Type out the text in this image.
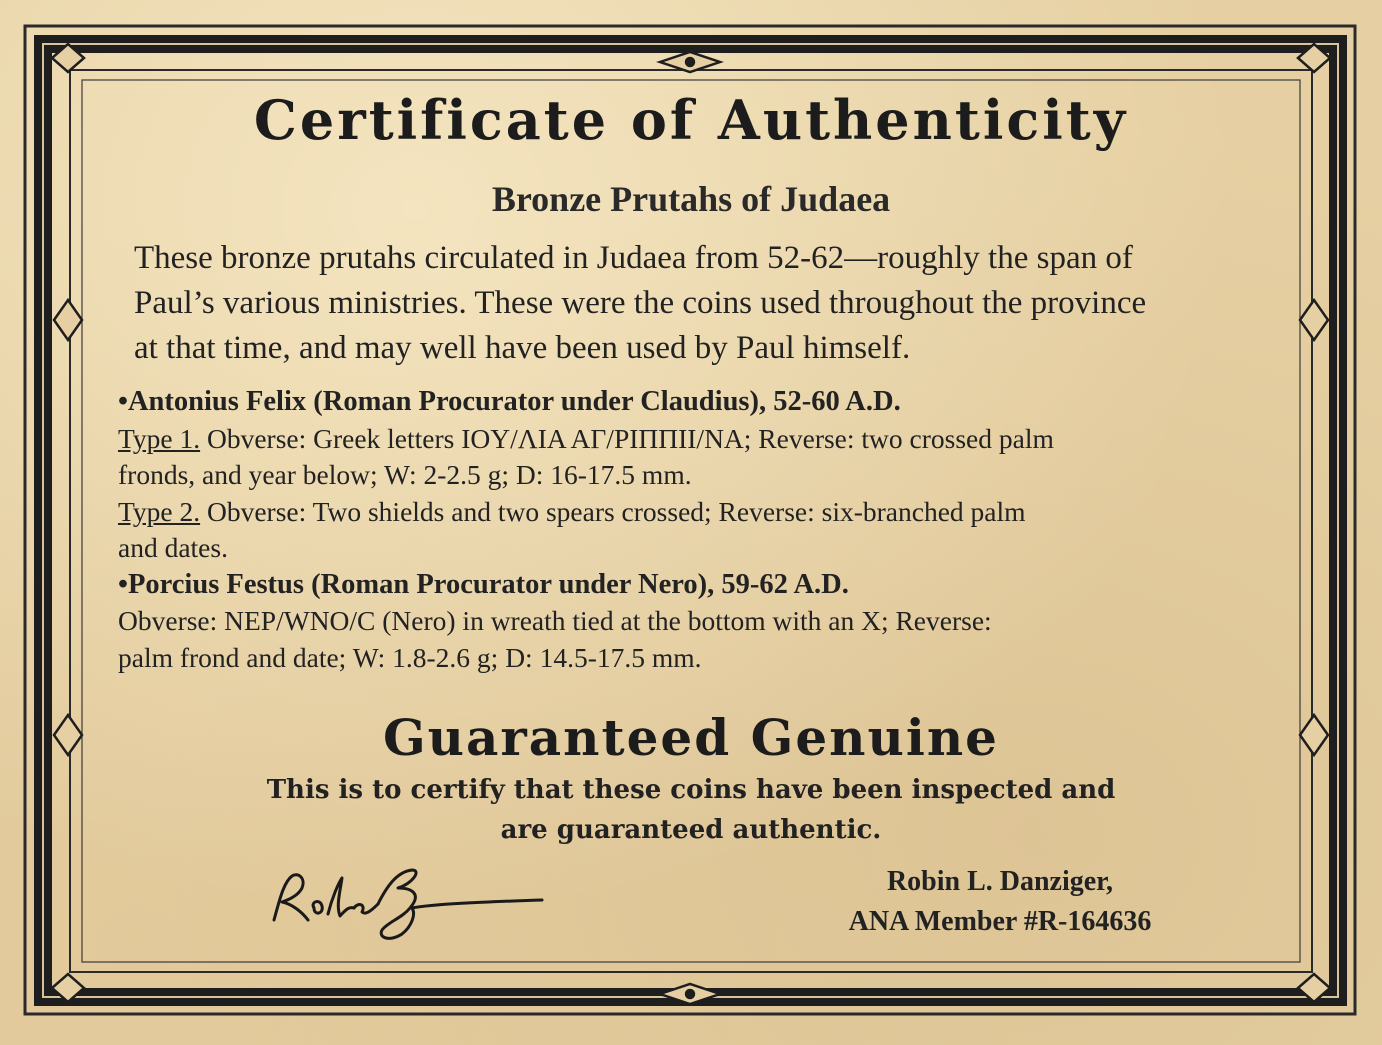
Certificate of Authenticity
Bronze Prutahs of Judaea
These bronze prutahs circulated in Judaea from 52-62—roughly the span of
Paul’s various ministries. These were the coins used throughout the province
at that time, and may well have been used by Paul himself.
•Antonius Felix (Roman Procurator under Claudius), 52-60 A.D.
Type 1. Obverse: Greek letters IOY/ΛIA AΓ/PIΠΠΙΙ/NA; Reverse: two crossed palm
fronds, and year below; W: 2-2.5 g; D: 16-17.5 mm.
Type 2. Obverse: Two shields and two spears crossed; Reverse: six-branched palm
and dates.
•Porcius Festus (Roman Procurator under Nero), 59-62 A.D.
Obverse: NEP/WNO/C (Nero) in wreath tied at the bottom with an X; Reverse:
palm frond and date; W: 1.8-2.6 g; D: 14.5-17.5 mm.
Guaranteed Genuine
This is to certify that these coins have been inspected and
are guaranteed authentic.
Robin L. Danziger,
ANA Member #R-164636
